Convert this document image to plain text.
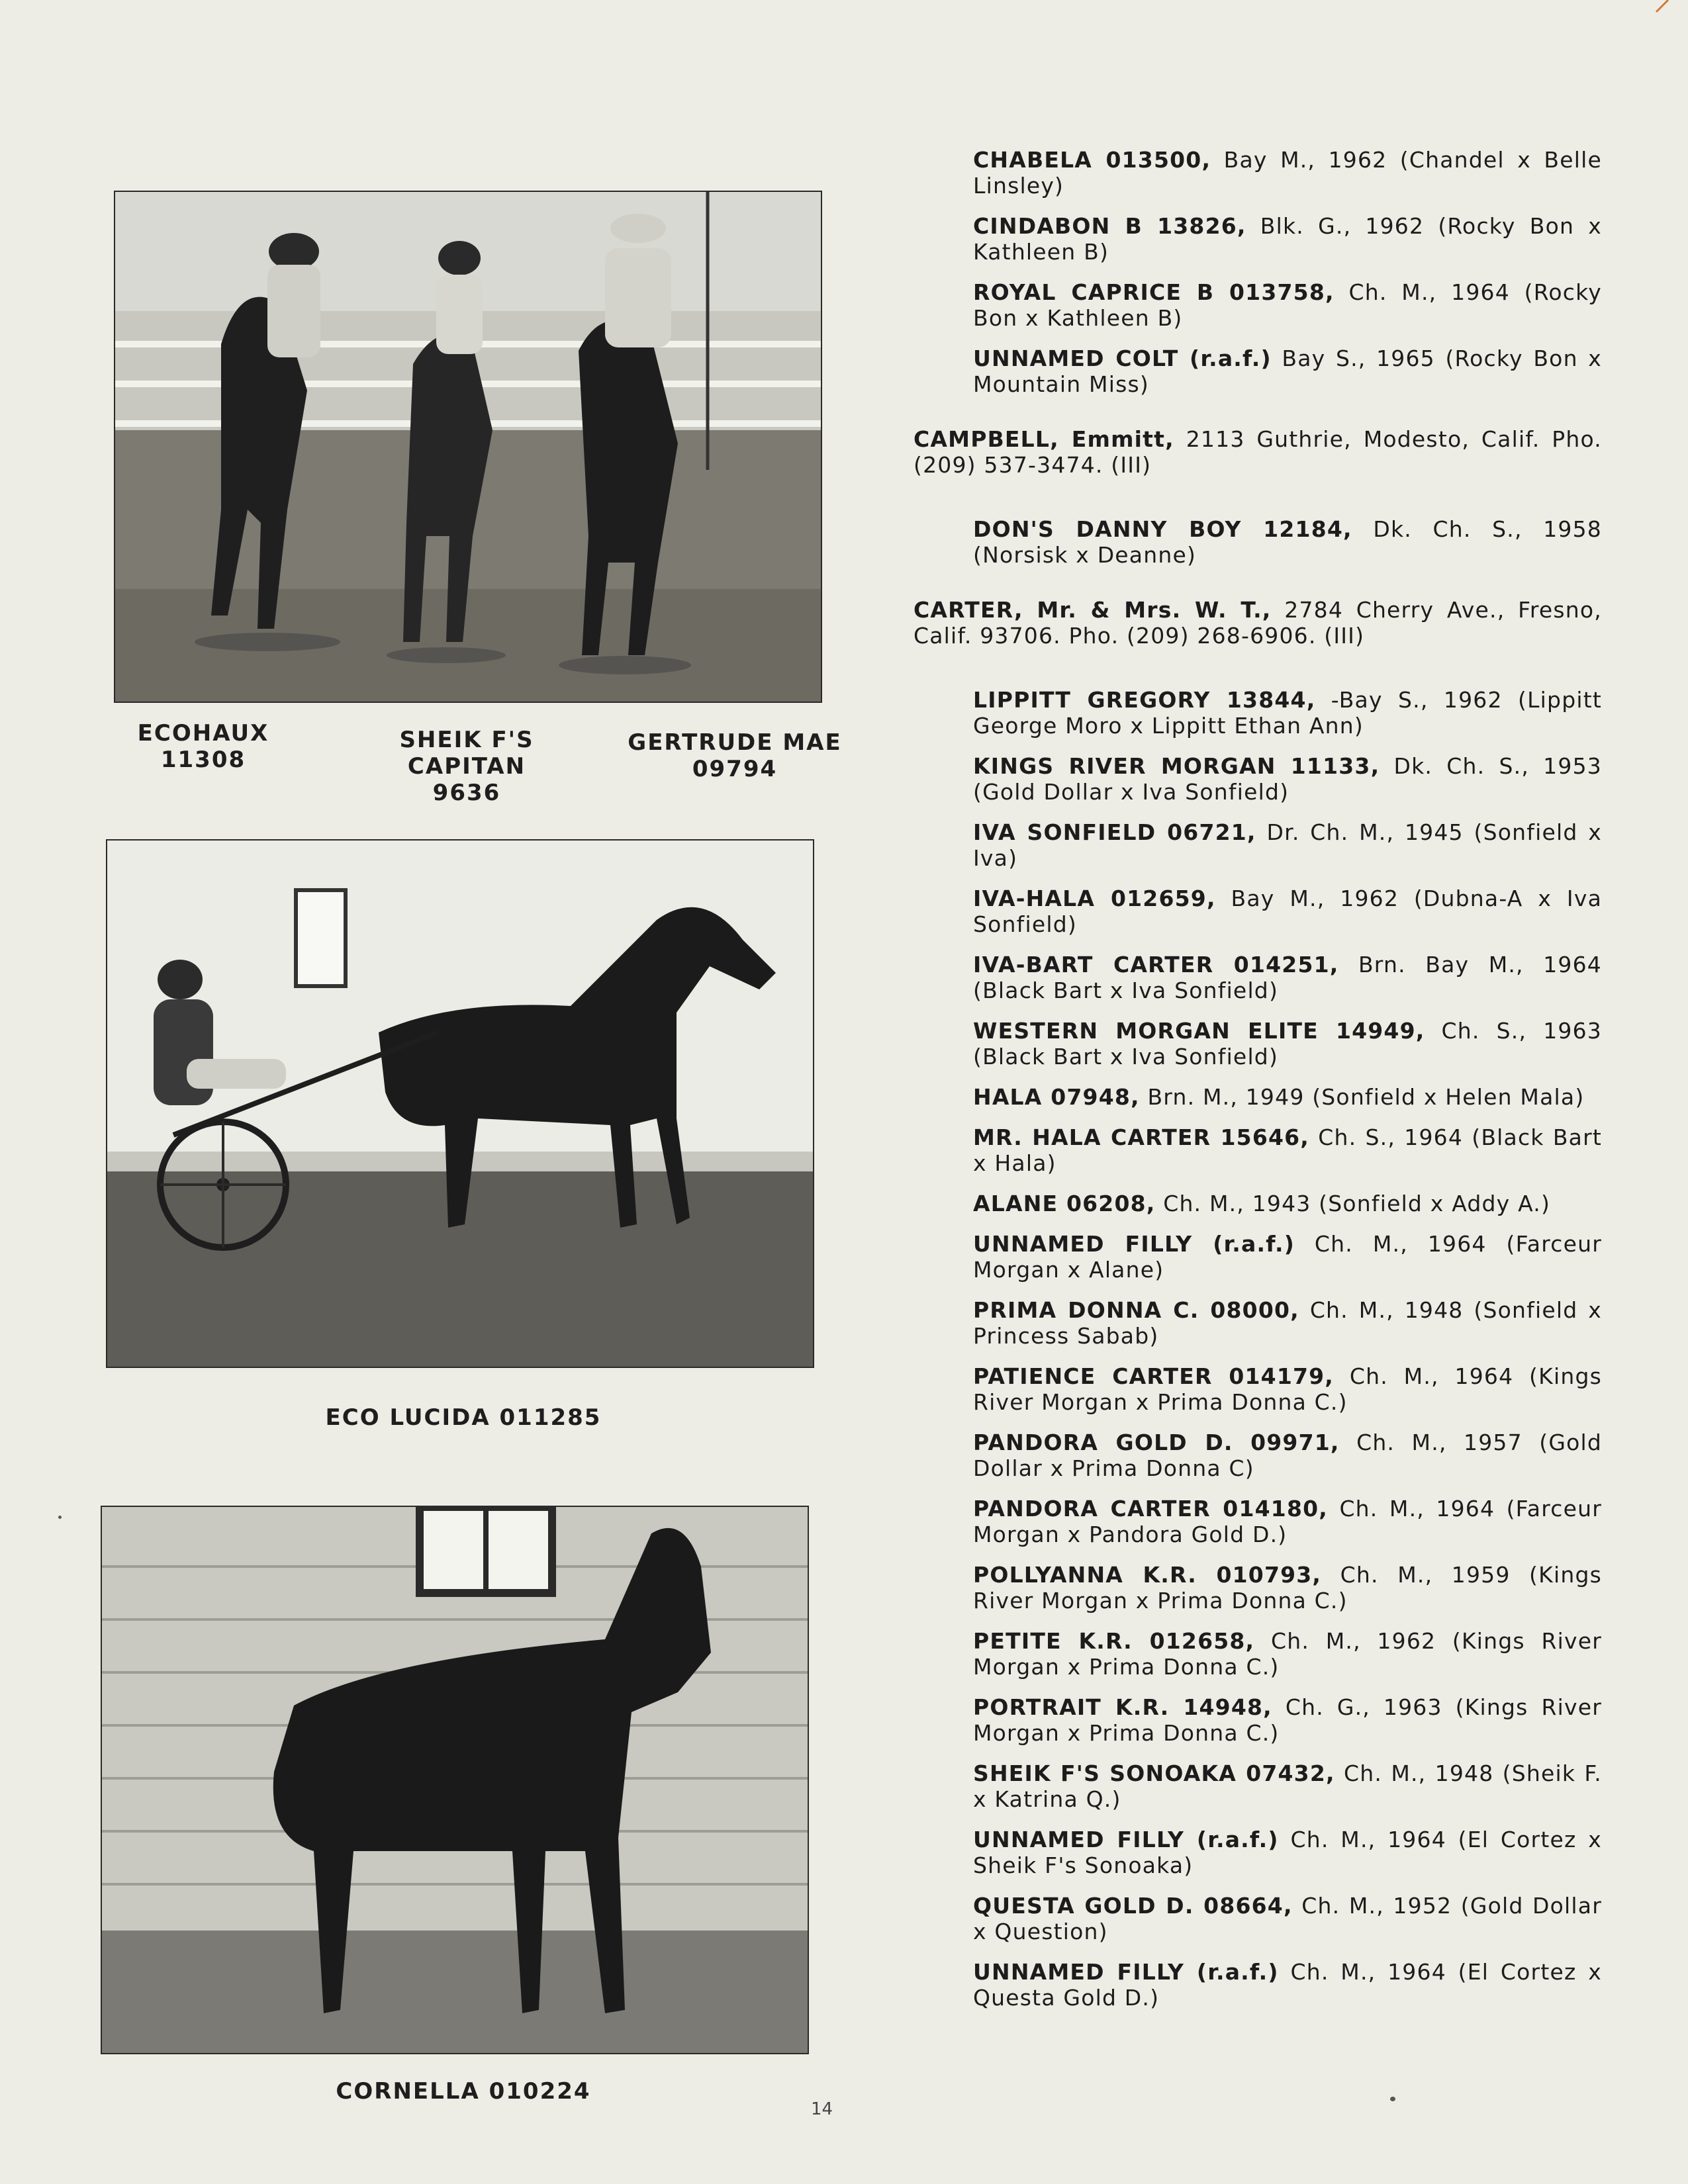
ECOHAUX
11308
SHEIK F'S CAPITAN
9636
GERTRUDE MAE
09794
ECO LUCIDA 011285
CORNELLA 010224
CHABELA 013500, Bay M., 1962 (Chandel x Belle Linsley)
CINDABON B 13826, Blk. G., 1962 (Rocky Bon x Kathleen B)
ROYAL CAPRICE B 013758, Ch. M., 1964 (Rocky Bon x Kathleen B)
UNNAMED COLT (r.a.f.) Bay S., 1965 (Rocky Bon x Mountain Miss)
CAMPBELL, Emmitt, 2113 Guthrie, Modesto, Calif. Pho. (209) 537-3474. (III)
DON'S DANNY BOY 12184, Dk. Ch. S., 1958 (Norsisk x Deanne)
CARTER, Mr. & Mrs. W. T., 2784 Cherry Ave., Fresno, Calif. 93706. Pho. (209) 268-6906. (III)
LIPPITT GREGORY 13844, -Bay S., 1962 (Lippitt George Moro x Lippitt Ethan Ann)
KINGS RIVER MORGAN 11133, Dk. Ch. S., 1953 (Gold Dollar x Iva Sonfield)
IVA SONFIELD 06721, Dr. Ch. M., 1945 (Sonfield x Iva)
IVA-HALA 012659, Bay M., 1962 (Dubna-A x Iva Sonfield)
IVA-BART CARTER 014251, Brn. Bay M., 1964 (Black Bart x Iva Sonfield)
WESTERN MORGAN ELITE 14949, Ch. S., 1963 (Black Bart x Iva Sonfield)
HALA 07948, Brn. M., 1949 (Sonfield x Helen Mala)
MR. HALA CARTER 15646, Ch. S., 1964 (Black Bart x Hala)
ALANE 06208, Ch. M., 1943 (Sonfield x Addy A.)
UNNAMED FILLY (r.a.f.) Ch. M., 1964 (Farceur Morgan x Alane)
PRIMA DONNA C. 08000, Ch. M., 1948 (Sonfield x Princess Sabab)
PATIENCE CARTER 014179, Ch. M., 1964 (Kings River Morgan x Prima Donna C.)
PANDORA GOLD D. 09971, Ch. M., 1957 (Gold Dollar x Prima Donna C)
PANDORA CARTER 014180, Ch. M., 1964 (Farceur Morgan x Pandora Gold D.)
POLLYANNA K.R. 010793, Ch. M., 1959 (Kings River Morgan x Prima Donna C.)
PETITE K.R. 012658, Ch. M., 1962 (Kings River Morgan x Prima Donna C.)
PORTRAIT K.R. 14948, Ch. G., 1963 (Kings River Morgan x Prima Donna C.)
SHEIK F'S SONOAKA 07432, Ch. M., 1948 (Sheik F. x Katrina Q.)
UNNAMED FILLY (r.a.f.) Ch. M., 1964 (El Cortez x Sheik F's Sonoaka)
QUESTA GOLD D. 08664, Ch. M., 1952 (Gold Dollar x Question)
UNNAMED FILLY (r.a.f.) Ch. M., 1964 (El Cortez x Questa Gold D.)
14
